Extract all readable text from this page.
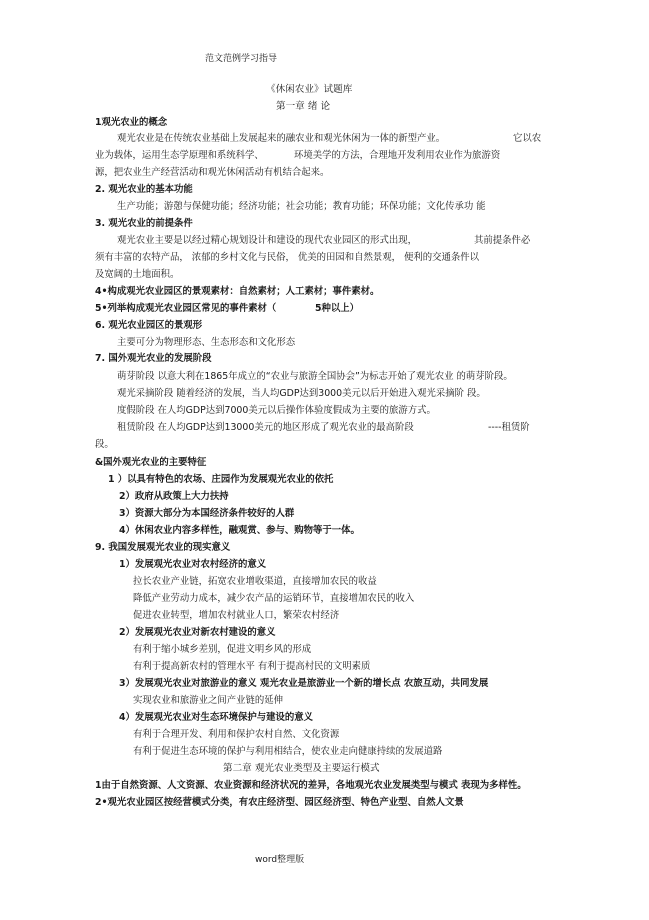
范文范例学习指导
《休闲农业》试题库
第一章 绪 论
1观光农业的概念
观光农业是在传统农业基础上发展起来的融农业和观光休闲为一体的新型产业。	它以农
业为载体，运用生态学原理和系统科学、	环境美学的方法，合理地开发利用农业作为旅游资
源，把农业生产经营活动和观光休闲活动有机结合起来。
2. 观光农业的基本功能
生产功能；游憩与保健功能；经济功能；社会功能；教育功能；环保功能；文化传承功 能
3. 观光农业的前提条件
观光农业主要是以经过精心规划设计和建设的现代农业园区的形式出现，	其前提条件必
须有丰富的农特产品， 浓郁的乡村文化与民俗， 优美的田园和自然景观， 便利的交通条件以
及宽阔的土地面积。
4•构成观光农业园区的景观素材：自然素材；人工素材；事件素材。
5•列举构成观光农业园区常见的事件素材（	5种以上）
6. 观光农业园区的景观形
主要可分为物理形态、生态形态和文化形态
7. 国外观光农业的发展阶段
萌芽阶段 以意大利在1865年成立的“农业与旅游全国协会”为标志开始了观光农业 的萌芽阶段。
观光采摘阶段 随着经济的发展，当人均GDP达到3000美元以后开始进入观光采摘阶 段。
度假阶段 在人均GDP达到7000美元以后操作体验度假成为主要的旅游方式。
租赁阶段 在人均GDP达到13000美元的地区形成了观光农业的最高阶段	----租赁阶
段。
&国外观光农业的主要特征
1 ）以具有特色的农场、庄园作为发展观光农业的依托
2）政府从政策上大力扶持
3）资源大部分为本国经济条件较好的人群
4）休闲农业内容多样性，融观赏、参与、购物等于一体。
9. 我国发展观光农业的现实意义
1）发展观光农业对农村经济的意义
拉长农业产业链，拓宽农业增收渠道，直接增加农民的收益
降低产业劳动力成本，减少农产品的运销环节，直接增加农民的收入
促进农业转型，增加农村就业人口，繁荣农村经济
2）发展观光农业对新农村建设的意义
有利于缩小城乡差别，促进文明乡风的形成
有利于提高新农村的管理水平 有利于提高村民的文明素质
3）发展观光农业对旅游业的意义 观光农业是旅游业一个新的增长点 农旅互动，共同发展
实现农业和旅游业之间产业链的延伸
4）发展观光农业对生态环境保护与建设的意义
有利于合理开发、利用和保护农村自然、文化资源
有利于促进生态环境的保护与利用相结合，使农业走向健康持续的发展道路
第二章 观光农业类型及主要运行模式
1由于自然资源、人文资源、农业资源和经济状况的差异，各地观光农业发展类型与模式 表现为多样性。
2•观光农业园区按经营模式分类，有农庄经济型、园区经济型、特色产业型、自然人文景
word整理版
